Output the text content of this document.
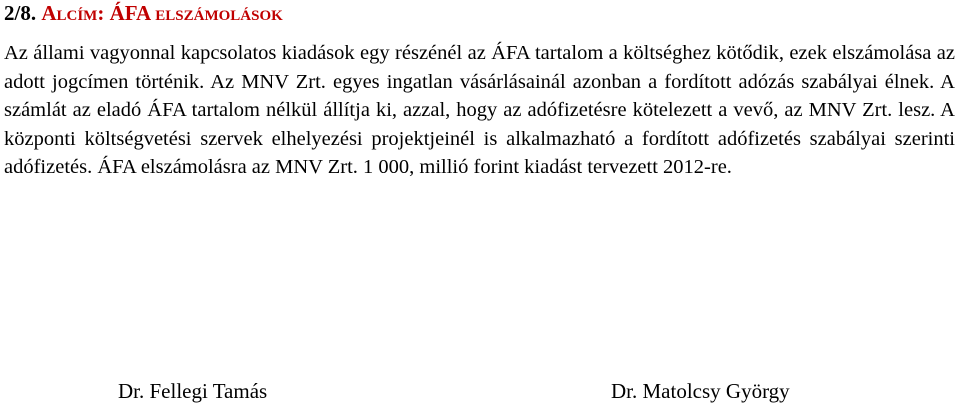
2/8. Alcím: ÁFA elszámolások

Az állami vagyonnal kapcsolatos kiadások egy részénél az ÁFA tartalom a költséghez kötődik, ezek elszámolása az adott jogcímen történik. Az MNV Zrt. egyes ingatlan vásárlásainál azonban a fordított adózás szabályai élnek. A számlát az eladó ÁFA tartalom nélkül állítja ki, azzal, hogy az adófizetésre kötelezett a vevő, az MNV Zrt. lesz. A központi költségvetési szervek elhelyezési projektjeinél is alkalmazható a fordított adófizetés szabályai szerinti adófizetés. ÁFA elszámolásra az MNV Zrt. 1 000, millió forint kiadást tervezett 2012-re.

Dr. Fellegi Tamás	Dr. Matolcsy György
